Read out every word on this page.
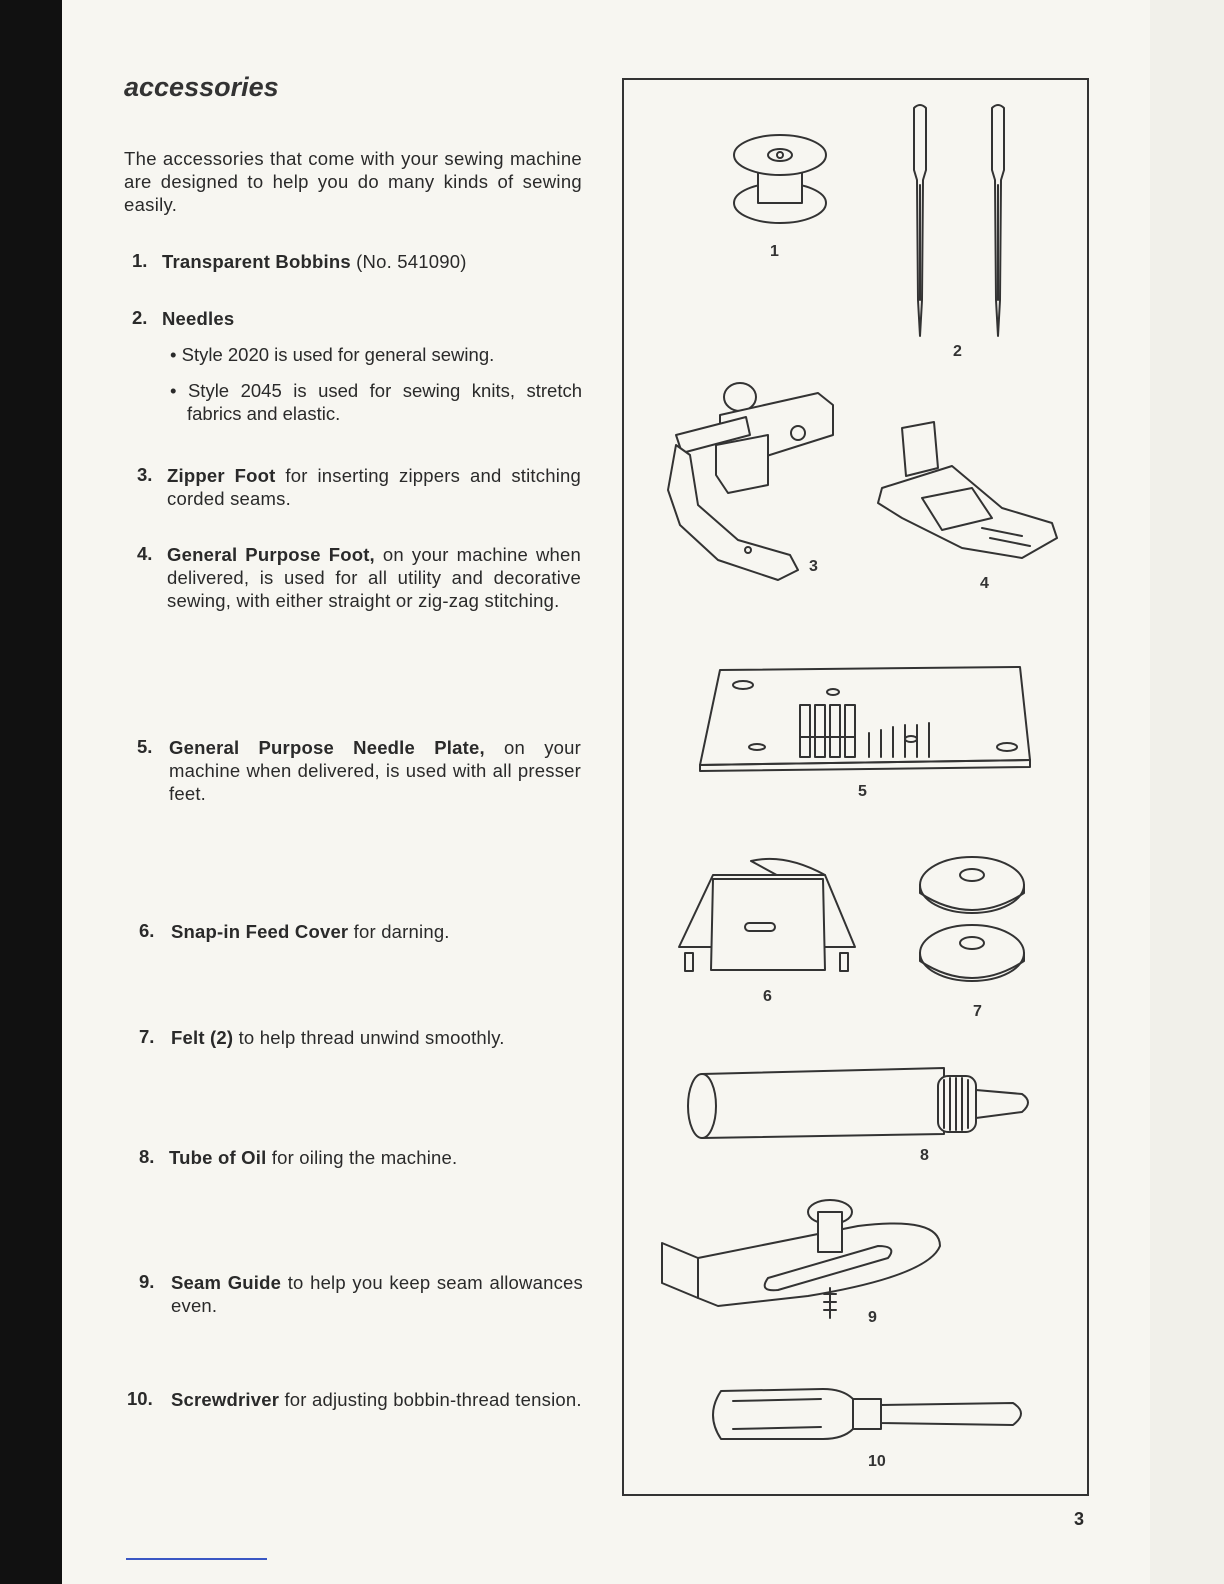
accessories
The accessories that come with your sewing machine are designed to help you do many kinds of sewing easily.
1. Transparent Bobbins (No. 541090)
2. Needles
• Style 2020 is used for general sewing.
• Style 2045 is used for sewing knits, stretch fabrics and elastic.
3. Zipper Foot for inserting zippers and stitching corded seams.
4. General Purpose Foot, on your machine when delivered, is used for all utility and decorative sewing, with either straight or zig-zag stitching.
5. General Purpose Needle Plate, on your machine when delivered, is used with all presser feet.
6. Snap-in Feed Cover for darning.
7. Felt (2) to help thread unwind smoothly.
8. Tube of Oil for oiling the machine.
9. Seam Guide to help you keep seam allowances even.
10. Screwdriver for adjusting bobbin-thread tension.
1
2
3
4
5
6
7
8
9
10
3
